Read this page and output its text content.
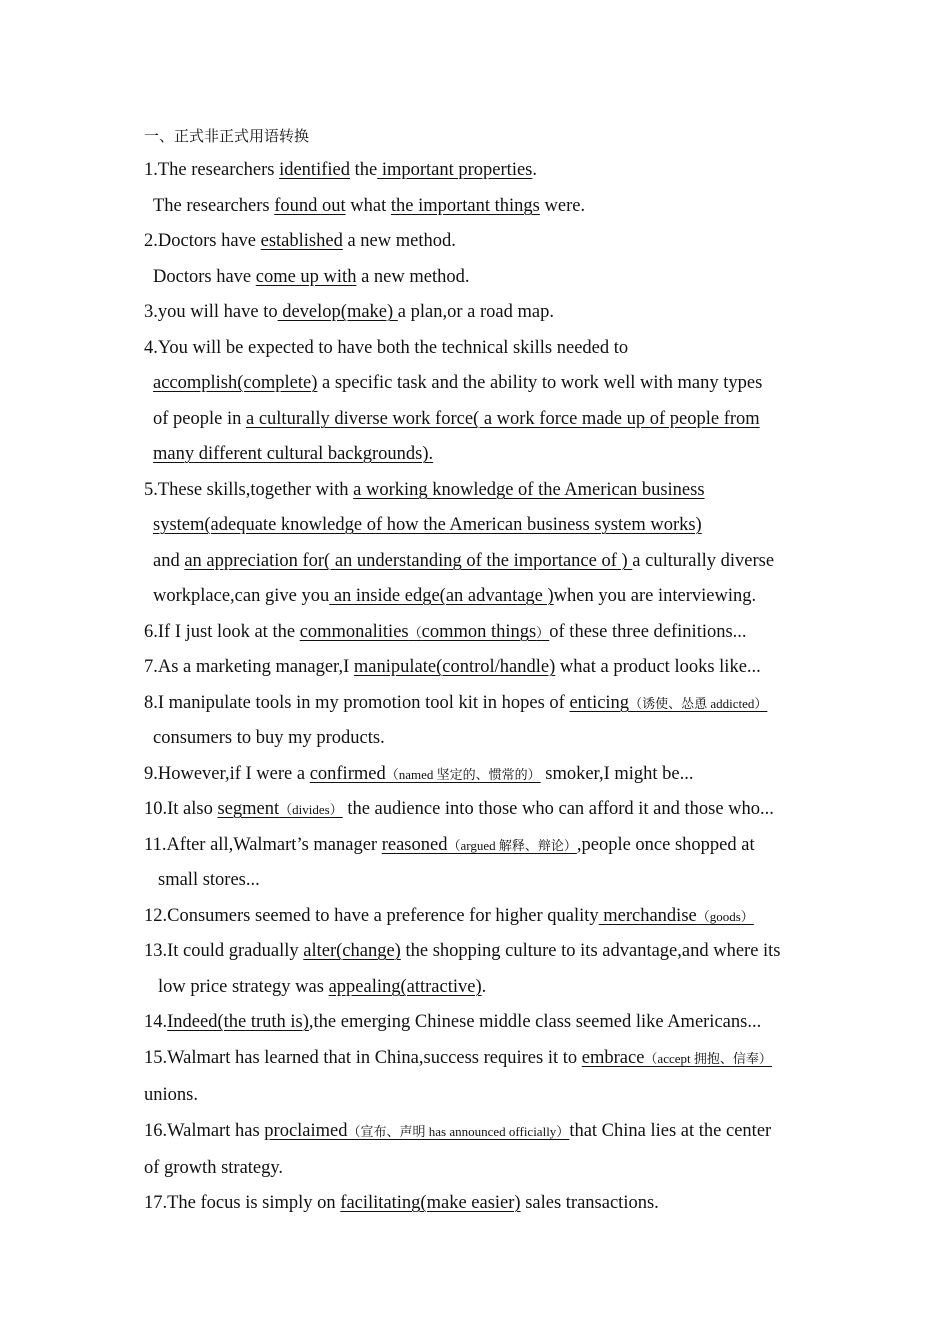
一、正式非正式用语转换
1.The researchers identified the important properties.
The researchers found out what the important things were.
2.Doctors have established a new method.
Doctors have come up with a new method.
3.you will have to develop(make) a plan,or a road map.
4.You will be expected to have both the technical skills needed to
accomplish(complete) a specific task and the ability to work well with many types
of people in a culturally diverse work force( a work force made up of people from
many different cultural backgrounds).
5.These skills,together with a working knowledge of the American business
system(adequate knowledge of how the American business system works)
and an appreciation for( an understanding of the importance of ) a culturally diverse
workplace,can give you an inside edge(an advantage )when you are interviewing.
6.If I just look at the commonalities（common things）of these three definitions...
7.As a marketing manager,I manipulate(control/handle) what a product looks like...
8.I manipulate tools in my promotion tool kit in hopes of enticing（诱使、怂恿 addicted）
consumers to buy my products.
9.However,if I were a confirmed（named 坚定的、惯常的） smoker,I might be...
10.It also segment（divides） the audience into those who can afford it and those who...
11.After all,Walmart’s manager reasoned（argued 解释、辩论）,people once shopped at
small stores...
12.Consumers seemed to have a preference for higher quality merchandise（goods）
13.It could gradually alter(change) the shopping culture to its advantage,and where its
low price strategy was appealing(attractive).
14.Indeed(the truth is),the emerging Chinese middle class seemed like Americans...
15.Walmart has learned that in China,success requires it to embrace（accept 拥抱、信奉）
unions.
16.Walmart has proclaimed（宣布、声明 has announced officially）that China lies at the center
of growth strategy.
17.The focus is simply on facilitating(make easier) sales transactions.
